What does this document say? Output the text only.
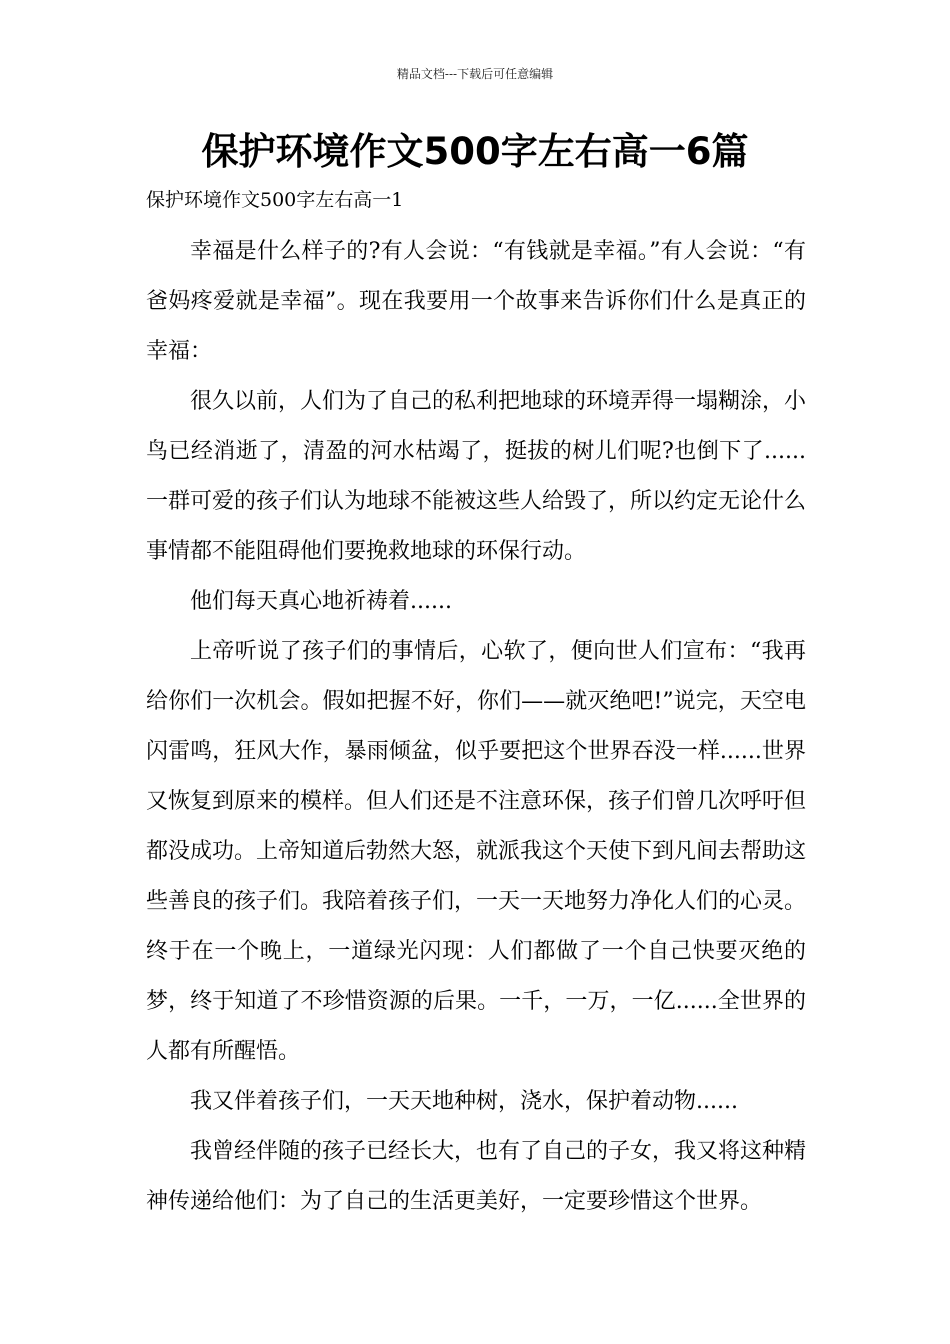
精品文档---下载后可任意编辑
保护环境作文500字左右高一6篇
保护环境作文500字左右高一1

幸福是什么样子的?有人会说：“有钱就是幸福。”有人会说：“有爸妈疼爱就是幸福”。现在我要用一个故事来告诉你们什么是真正的幸福：

很久以前，人们为了自己的私利把地球的环境弄得一塌糊涂，小鸟已经消逝了，清盈的河水枯竭了，挺拔的树儿们呢?也倒下了......一群可爱的孩子们认为地球不能被这些人给毁了，所以约定无论什么事情都不能阻碍他们要挽救地球的环保行动。

他们每天真心地祈祷着......

上帝听说了孩子们的事情后，心软了，便向世人们宣布：“我再给你们一次机会。假如把握不好，你们——就灭绝吧!”说完，天空电闪雷鸣，狂风大作，暴雨倾盆，似乎要把这个世界吞没一样......世界又恢复到原来的模样。但人们还是不注意环保，孩子们曾几次呼吁但都没成功。上帝知道后勃然大怒，就派我这个天使下到凡间去帮助这些善良的孩子们。我陪着孩子们，一天一天地努力净化人们的心灵。终于在一个晚上，一道绿光闪现：人们都做了一个自己快要灭绝的梦，终于知道了不珍惜资源的后果。一千，一万，一亿......全世界的人都有所醒悟。

我又伴着孩子们，一天天地种树，浇水，保护着动物......

我曾经伴随的孩子已经长大，也有了自己的子女，我又将这种精神传递给他们：为了自己的生活更美好，一定要珍惜这个世界。
